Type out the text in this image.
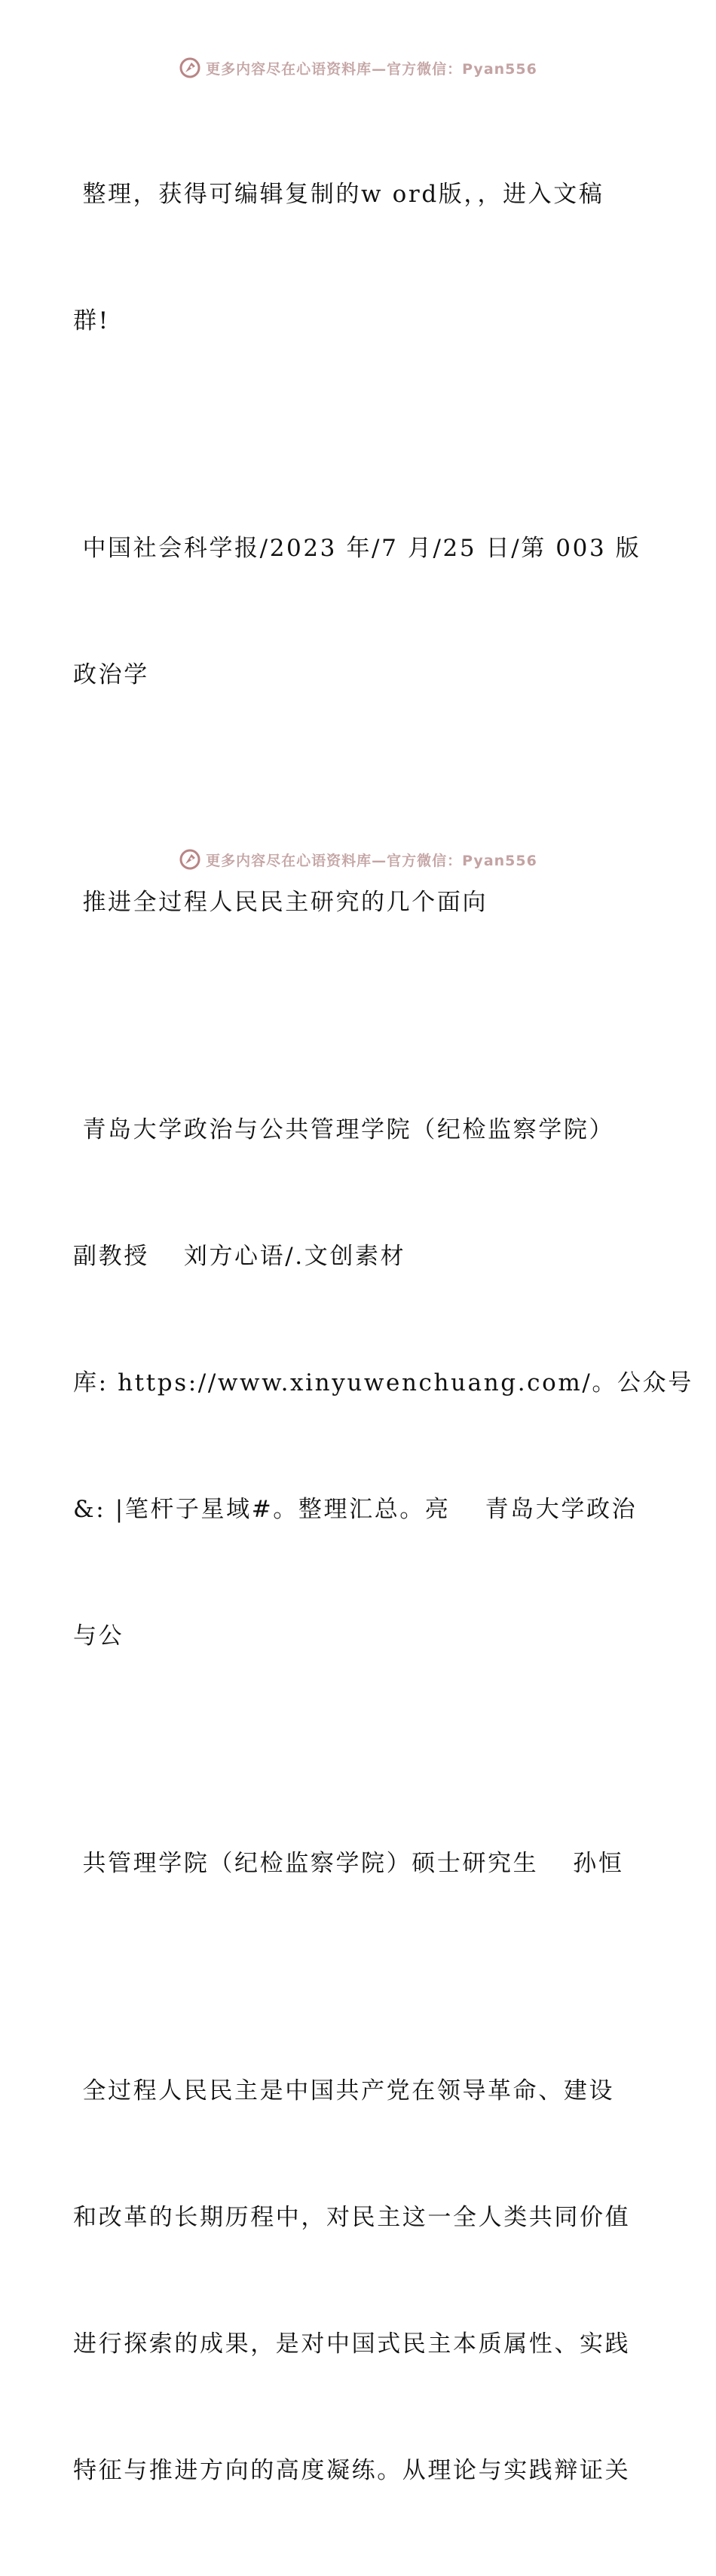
更多内容尽在心语资料库—官方微信：Pyan556

整理，获得可编辑复制的w ord版，，进入文稿

群!

中国社会科学报/2023 年/7 月/25 日/第 003 版

政治学

推进全过程人民民主研究的几个面向

青岛大学政治与公共管理学院（纪检监察学院）

副教授　 刘方心语/.文创素材

库: https://www.xinyuwenchuang.com/。公众号

&: |笔杆子星域#。整理汇总。亮　 青岛大学政治

与公

共管理学院（纪检监察学院）硕士研究生　 孙恒

全过程人民民主是中国共产党在领导革命、建设

和改革的长期历程中，对民主这一全人类共同价值

进行探索的成果，是对中国式民主本质属性、实践

特征与推进方向的高度凝练。从理论与实践辩证关

更多内容尽在心语资料库—官方微信：Pyan556
